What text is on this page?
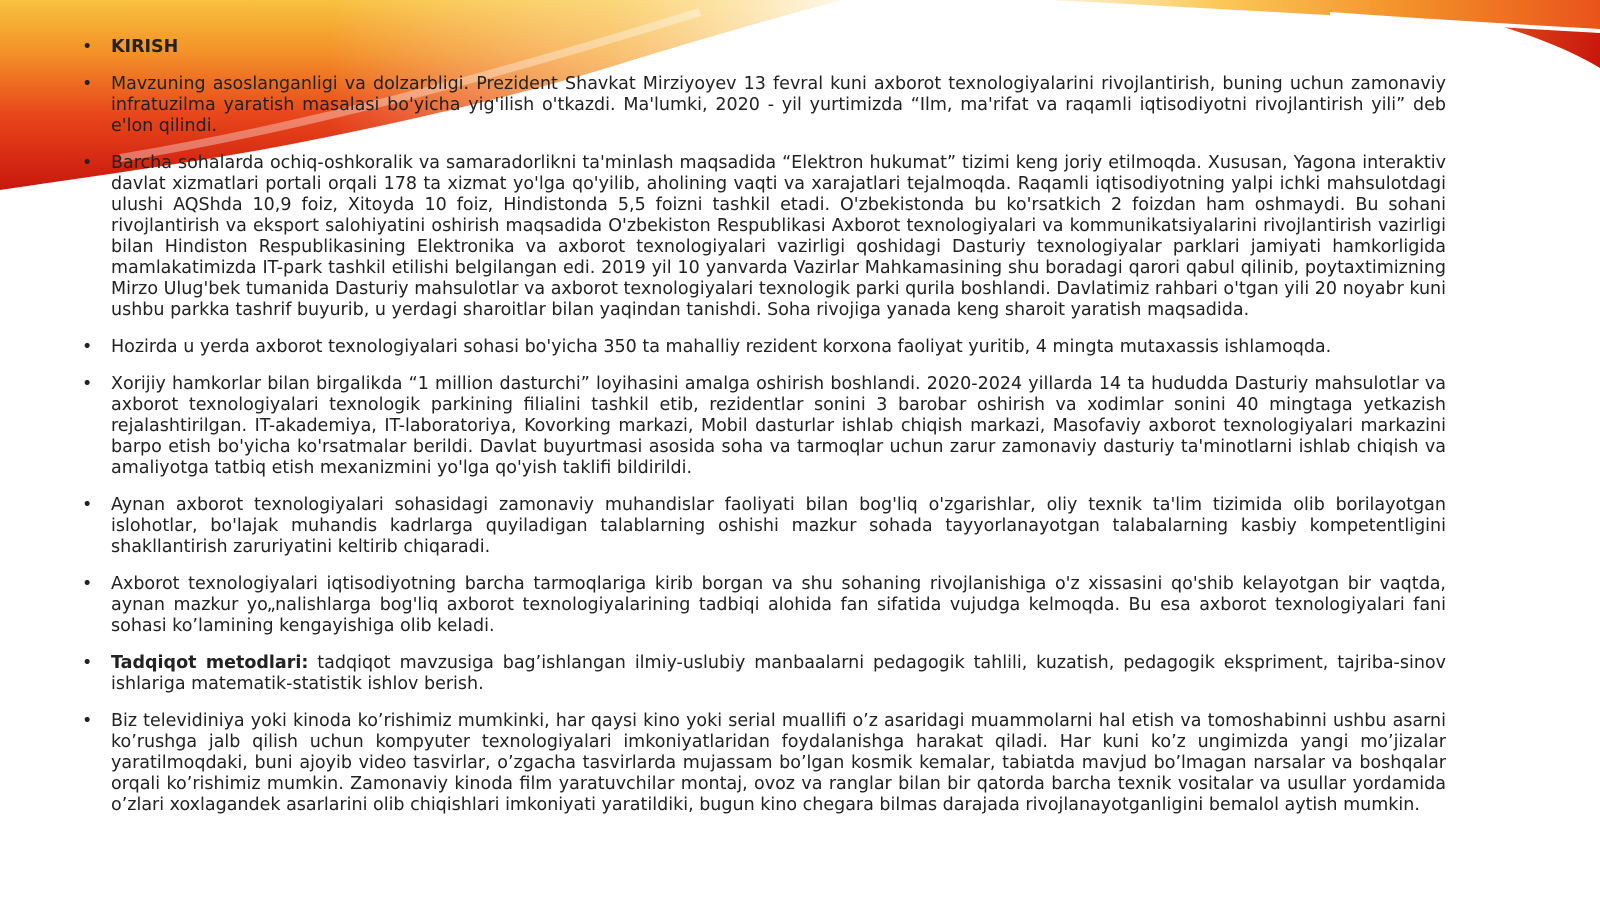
•
KIRISH
•
Mavzuning asoslanganligi va dolzarbligi. Prezident Shavkat Mirziyoyev 13 fevral kuni axborot texnologiyalarini rivojlantirish, buning uchun zamonaviy infratuzilma yaratish masalasi bo'yicha yig'ilish o'tkazdi. Ma'lumki, 2020 - yil yurtimizda “Ilm, ma'rifat va raqamli iqtisodiyotni rivojlantirish yili” deb e'lon qilindi.
•
Barcha sohalarda ochiq-oshkoralik va samaradorlikni ta'minlash maqsadida “Elektron hukumat” tizimi keng joriy etilmoqda. Xususan, Yagona interaktiv davlat xizmatlari portali orqali 178 ta xizmat yo'lga qo'yilib, aholining vaqti va xarajatlari tejalmoqda. Raqamli iqtisodiyotning yalpi ichki mahsulotdagi ulushi AQShda 10,9 foiz, Xitoyda 10 foiz, Hindistonda 5,5 foizni tashkil etadi. O'zbekistonda bu ko'rsatkich 2 foizdan ham oshmaydi. Bu sohani rivojlantirish va eksport salohiyatini oshirish maqsadida O'zbekiston Respublikasi Axborot texnologiyalari va kommunikatsiyalarini rivojlantirish vazirligi bilan Hindiston Respublikasining Elektronika va axborot texnologiyalari vazirligi qoshidagi Dasturiy texnologiyalar parklari jamiyati hamkorligida mamlakatimizda IT-park tashkil etilishi belgilangan edi. 2019 yil 10 yanvarda Vazirlar Mahkamasining shu boradagi qarori qabul qilinib, poytaxtimizning Mirzo Ulug'bek tumanida Dasturiy mahsulotlar va axborot texnologiyalari texnologik parki qurila boshlandi. Davlatimiz rahbari o'tgan yili 20 noyabr kuni ushbu parkka tashrif buyurib, u yerdagi sharoitlar bilan yaqindan tanishdi. Soha rivojiga yanada keng sharoit yaratish maqsadida.
•
Hozirda u yerda axborot texnologiyalari sohasi bo'yicha 350 ta mahalliy rezident korxona faoliyat yuritib, 4 mingta mutaxassis ishlamoqda.
•
Xorijiy hamkorlar bilan birgalikda “1 million dasturchi” loyihasini amalga oshirish boshlandi. 2020-2024 yillarda 14 ta hududda Dasturiy mahsulotlar va axborot texnologiyalari texnologik parkining filialini tashkil etib, rezidentlar sonini 3 barobar oshirish va xodimlar sonini 40 mingtaga yetkazish rejalashtirilgan. IT-akademiya, IT-laboratoriya, Kovorking markazi, Mobil dasturlar ishlab chiqish markazi, Masofaviy axborot texnologiyalari markazini barpo etish bo'yicha ko'rsatmalar berildi. Davlat buyurtmasi asosida soha va tarmoqlar uchun zarur zamonaviy dasturiy ta'minotlarni ishlab chiqish va amaliyotga tatbiq etish mexanizmini yo'lga qo'yish taklifi bildirildi.
•
Aynan axborot texnologiyalari sohasidagi zamonaviy muhandislar faoliyati bilan bog'liq o'zgarishlar, oliy texnik ta'lim tizimida olib borilayotgan islohotlar, bo'lajak muhandis kadrlarga quyiladigan talablarning oshishi mazkur sohada tayyorlanayotgan talabalarning kasbiy kompetentligini shakllantirish zaruriyatini keltirib chiqaradi.
•
Axborot texnologiyalari iqtisodiyotning barcha tarmoqlariga kirib borgan va shu sohaning rivojlanishiga o'z xissasini qo'shib kelayotgan bir vaqtda, aynan mazkur yo„nalishlarga bog'liq axborot texnologiyalarining tadbiqi alohida fan sifatida vujudga kelmoqda. Bu esa axborot texnologiyalari fani sohasi ko’lamining kengayishiga olib keladi.
•
Tadqiqot metodlari: tadqiqot mavzusiga bag’ishlangan ilmiy-uslubiy manbaalarni pedagogik tahlili, kuzatish, pedagogik ekspriment, tajriba-sinov ishlariga matematik-statistik ishlov berish.
•
Biz televidiniya yoki kinoda ko’rishimiz mumkinki, har qaysi kino yoki serial muallifi o’z asaridagi muammolarni hal etish va tomoshabinni ushbu asarni ko’rushga jalb qilish uchun kompyuter texnologiyalari imkoniyatlaridan foydalanishga harakat qiladi. Har kuni ko’z ungimizda yangi mo’jizalar yaratilmoqdaki, buni ajoyib video tasvirlar, o’zgacha tasvirlarda mujassam bo’lgan kosmik kemalar, tabiatda mavjud bo’lmagan narsalar va boshqalar orqali ko’rishimiz mumkin. Zamonaviy kinoda film yaratuvchilar montaj, ovoz va ranglar bilan bir qatorda barcha texnik vositalar va usullar yordamida o’zlari xoxlagandek asarlarini olib chiqishlari imkoniyati yaratildiki, bugun kino chegara bilmas darajada rivojlanayotganligini bemalol aytish mumkin.
